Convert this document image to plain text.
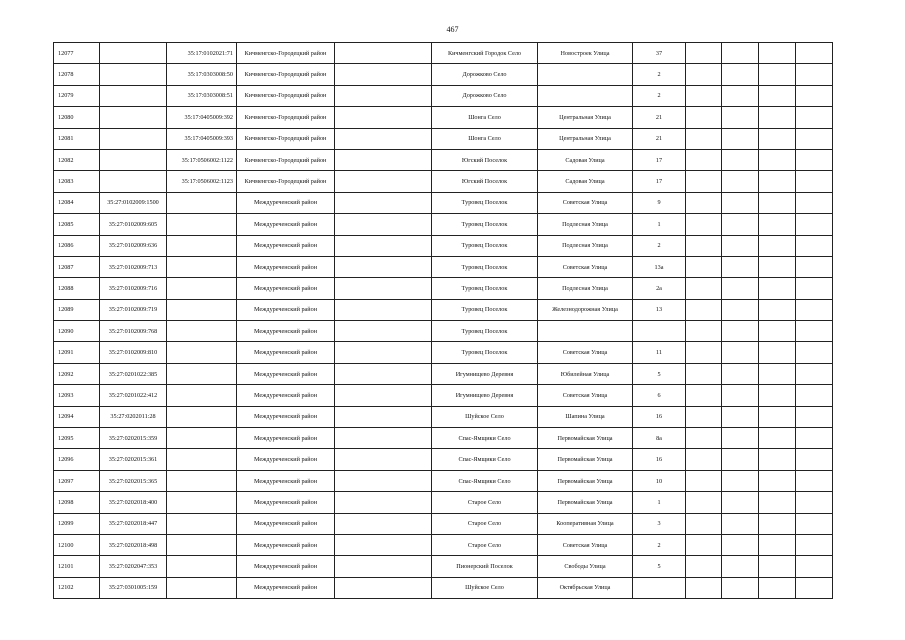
467
12077		35:17:0102021:71	Кичменгско-Городецкий район		Кичменгский Городок Село	Новостроек Улица	37				
12078		35:17:0303008:50	Кичменгско-Городецкий район		Дорожково Село		2				
12079		35:17:0303008:51	Кичменгско-Городецкий район		Дорожково Село		2				
12080		35:17:0405009:392	Кичменгско-Городецкий район		Шонга Село	Центральная Улица	21				
12081		35:17:0405009:393	Кичменгско-Городецкий район		Шонга Село	Центральная Улица	21				
12082		35:17:0506002:1122	Кичменгско-Городецкий район		Югский Поселок	Садовая Улица	17				
12083		35:17:0506002:1123	Кичменгско-Городецкий район		Югский Поселок	Садовая Улица	17				
12084	35:27:0102009:1500		Междуреченский район		Туровец Поселок	Советская Улица	9				
12085	35:27:0102009:605		Междуреченский район		Туровец Поселок	Подлесная Улица	1				
12086	35:27:0102009:636		Междуреченский район		Туровец Поселок	Подлесная Улица	2				
12087	35:27:0102009:713		Междуреченский район		Туровец Поселок	Советская Улица	13а				
12088	35:27:0102009:716		Междуреченский район		Туровец Поселок	Подлесная Улица	2а				
12089	35:27:0102009:719		Междуреченский район		Туровец Поселок	Железнодорожная Улица	13				
12090	35:27:0102009:768		Междуреченский район		Туровец Поселок						
12091	35:27:0102009:810		Междуреченский район		Туровец Поселок	Советская Улица	11				
12092	35:27:0201022:385		Междуреченский район		Игумнищево Деревня	Юбилейная Улица	5				
12093	35:27:0201022:412		Междуреченский район		Игумнищево Деревня	Советская Улица	6				
12094	35:27:0202011:28		Междуреченский район		Шуйское Село	Шапина Улица	16				
12095	35:27:0202015:359		Междуреченский район		Спас-Ямщики Село	Первомайская Улица	8а				
12096	35:27:0202015:361		Междуреченский район		Спас-Ямщики Село	Первомайская Улица	16				
12097	35:27:0202015:365		Междуреченский район		Спас-Ямщики Село	Первомайская Улица	10				
12098	35:27:0202018:400		Междуреченский район		Старое Село	Первомайская Улица	1				
12099	35:27:0202018:447		Междуреченский район		Старое Село	Кооперативная Улица	3				
12100	35:27:0202018:498		Междуреченский район		Старое Село	Советская Улица	2				
12101	35:27:0202047:353		Междуреченский район		Пионерский Поселок	Свободы Улица	5				
12102	35:27:0301005:159		Междуреченский район		Шуйское Село	Октябрьская Улица					
